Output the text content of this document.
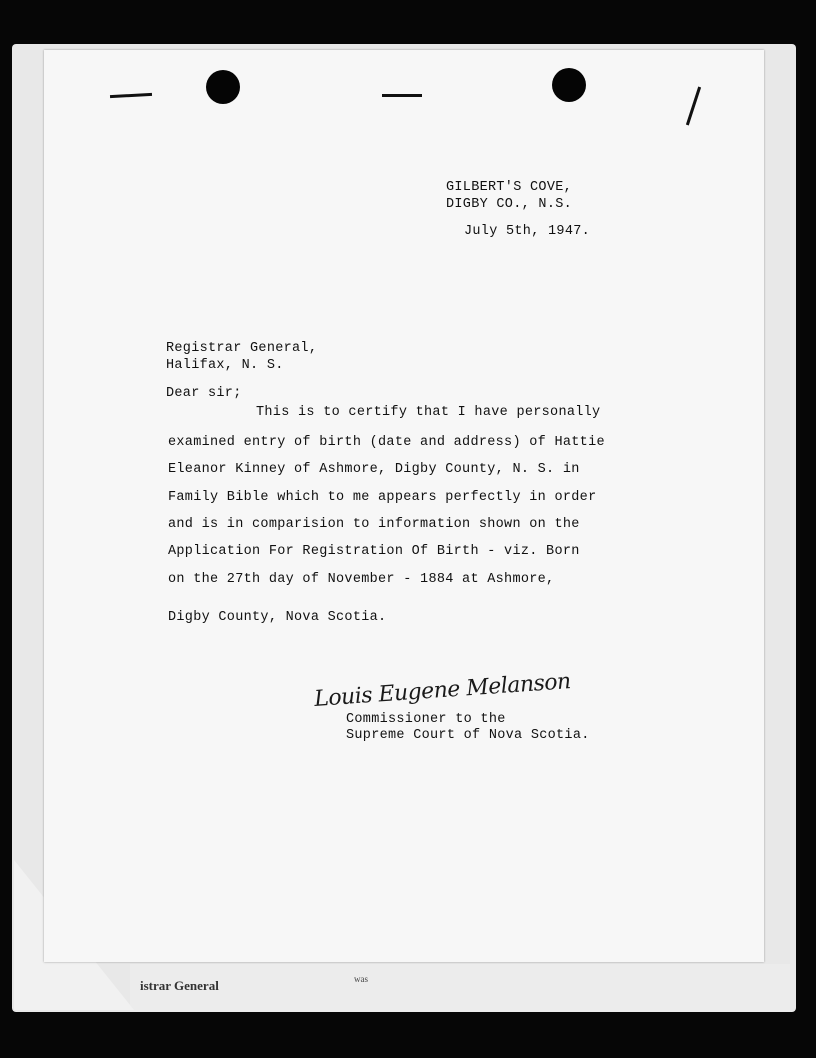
istrar General	was
GILBERT'S COVE,
DIGBY CO., N.S.
July 5th, 1947.
Registrar General,
Halifax, N. S.
Dear sir;
This is to certify that I have personally
examined entry of birth (date and address) of Hattie
Eleanor Kinney of Ashmore, Digby County, N. S. in
Family Bible which to me appears perfectly in order
and is in comparision to information shown on the
Application For Registration Of Birth - viz. Born
on the 27th day of November - 1884 at Ashmore,
Digby County, Nova Scotia.
Louis Eugene Melanson
Commissioner to the
Supreme Court of Nova Scotia.
